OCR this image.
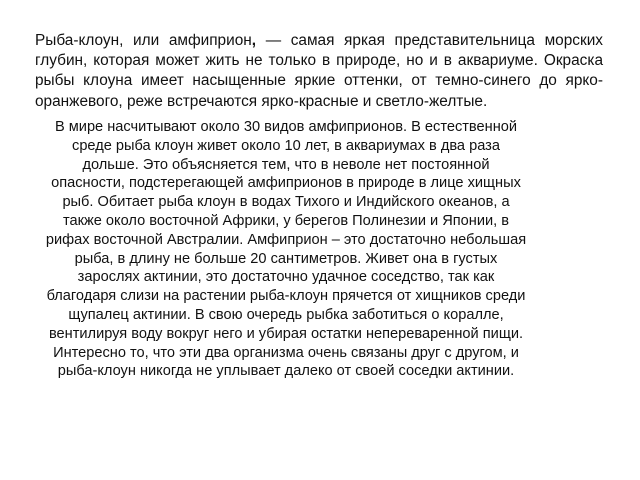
Рыба-клоун, или амфиприон, — самая яркая представительница морских глубин, которая может жить не только в природе, но и в аквариуме. Окраска рыбы клоуна имеет насыщенные яркие оттенки, от темно-синего до ярко-оранжевого, реже встречаются ярко-красные и светло-желтые.

В мире насчитывают около 30 видов амфиприонов. В естественной среде рыба клоун живет около 10 лет, в аквариумах в два раза дольше. Это объясняется тем, что в неволе нет постоянной опасности, подстерегающей амфиприонов в природе в лице хищных рыб. Обитает рыба клоун в водах Тихого и Индийского океанов, а также около восточной Африки, у берегов Полинезии и Японии, в рифах восточной Австралии. Амфиприон – это достаточно небольшая рыба, в длину не больше 20 сантиметров. Живет она в густых зарослях актинии, это достаточно удачное соседство, так как благодаря слизи на растении рыба-клоун прячется от хищников среди щупалец актинии. В свою очередь рыбка заботиться о коралле, вентилируя воду вокруг него и убирая остатки непереваренной пищи. Интересно то, что эти два организма очень связаны друг с другом, и рыба-клоун никогда не уплывает далеко от своей соседки актинии.
